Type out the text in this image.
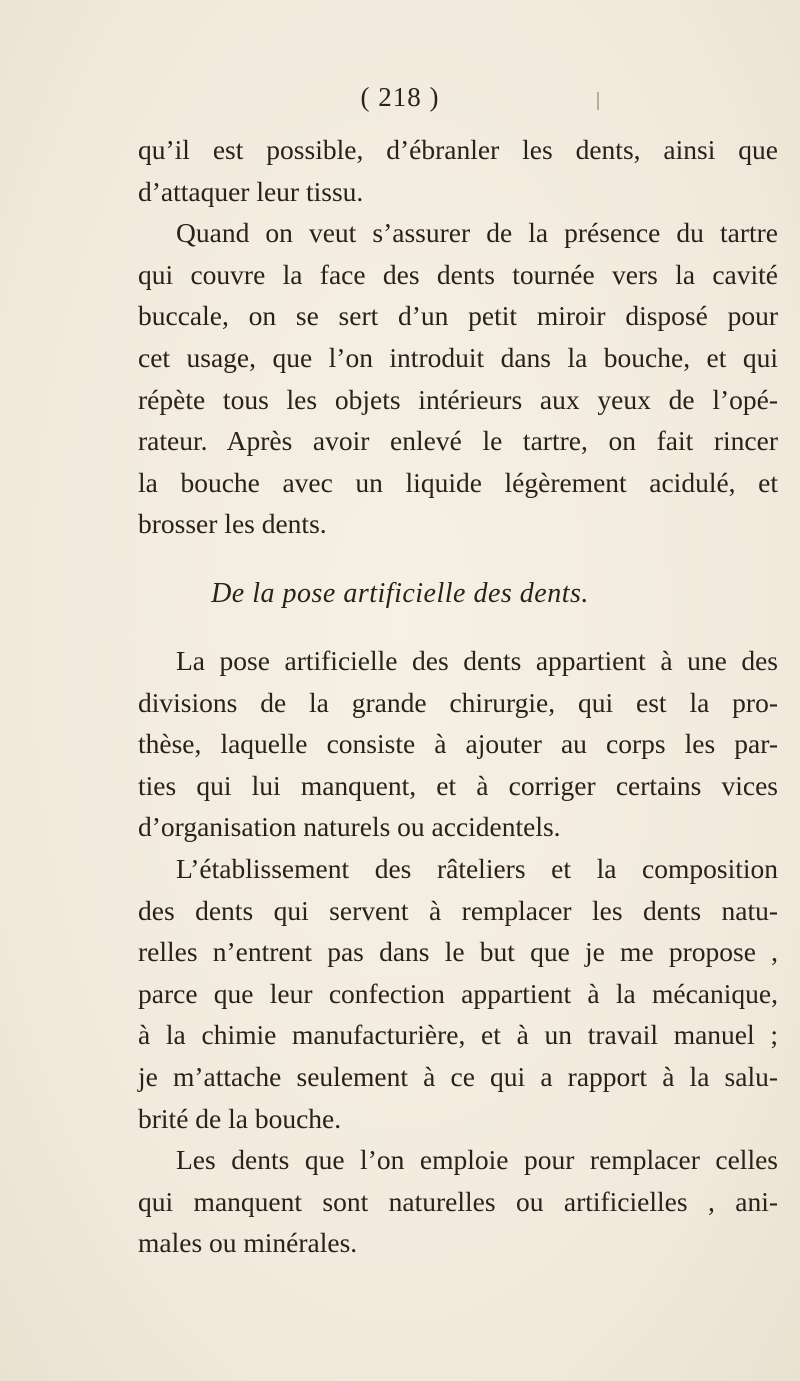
( 218 )
qu’il est possible, d’ébranler les dents, ainsi que
d’attaquer leur tissu.
Quand on veut s’assurer de la présence du tartre
qui couvre la face des dents tournée vers la cavité
buccale, on se sert d’un petit miroir disposé pour
cet usage, que l’on introduit dans la bouche, et qui
répète tous les objets intérieurs aux yeux de l’opé-
rateur. Après avoir enlevé le tartre, on fait rincer
la bouche avec un liquide légèrement acidulé, et
brosser les dents.
De la pose artificielle des dents.
La pose artificielle des dents appartient à une des
divisions de la grande chirurgie, qui est la pro-
thèse, laquelle consiste à ajouter au corps les par-
ties qui lui manquent, et à corriger certains vices
d’organisation naturels ou accidentels.
L’établissement des râteliers et la composition
des dents qui servent à remplacer les dents natu-
relles n’entrent pas dans le but que je me propose ,
parce que leur confection appartient à la mécanique,
à la chimie manufacturière, et à un travail manuel ;
je m’attache seulement à ce qui a rapport à la salu-
brité de la bouche.
Les dents que l’on emploie pour remplacer celles
qui manquent sont naturelles ou artificielles , ani-
males ou minérales.
